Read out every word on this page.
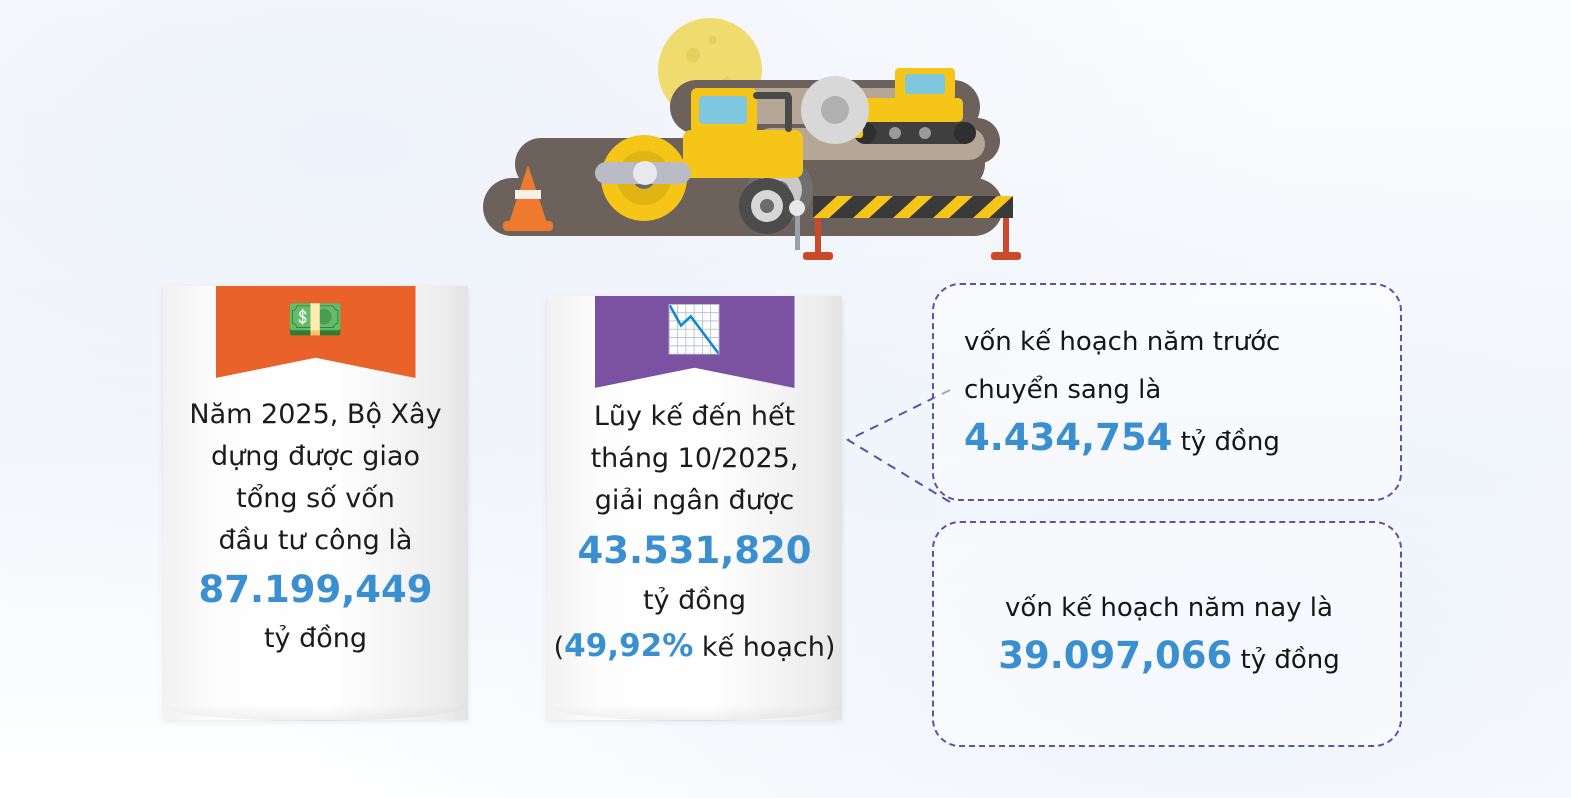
💵
Năm 2025, Bộ Xây
dựng được giao
tổng số vốn
đầu tư công là
87.199,449
tỷ đồng
📉
Lũy kế đến hết
tháng 10/2025,
giải ngân được
43.531,820
tỷ đồng
(49,92% kế hoạch)
vốn kế hoạch năm trước chuyển sang là 4.434,754 tỷ đồng
vốn kế hoạch năm nay là
39.097,066 tỷ đồng
